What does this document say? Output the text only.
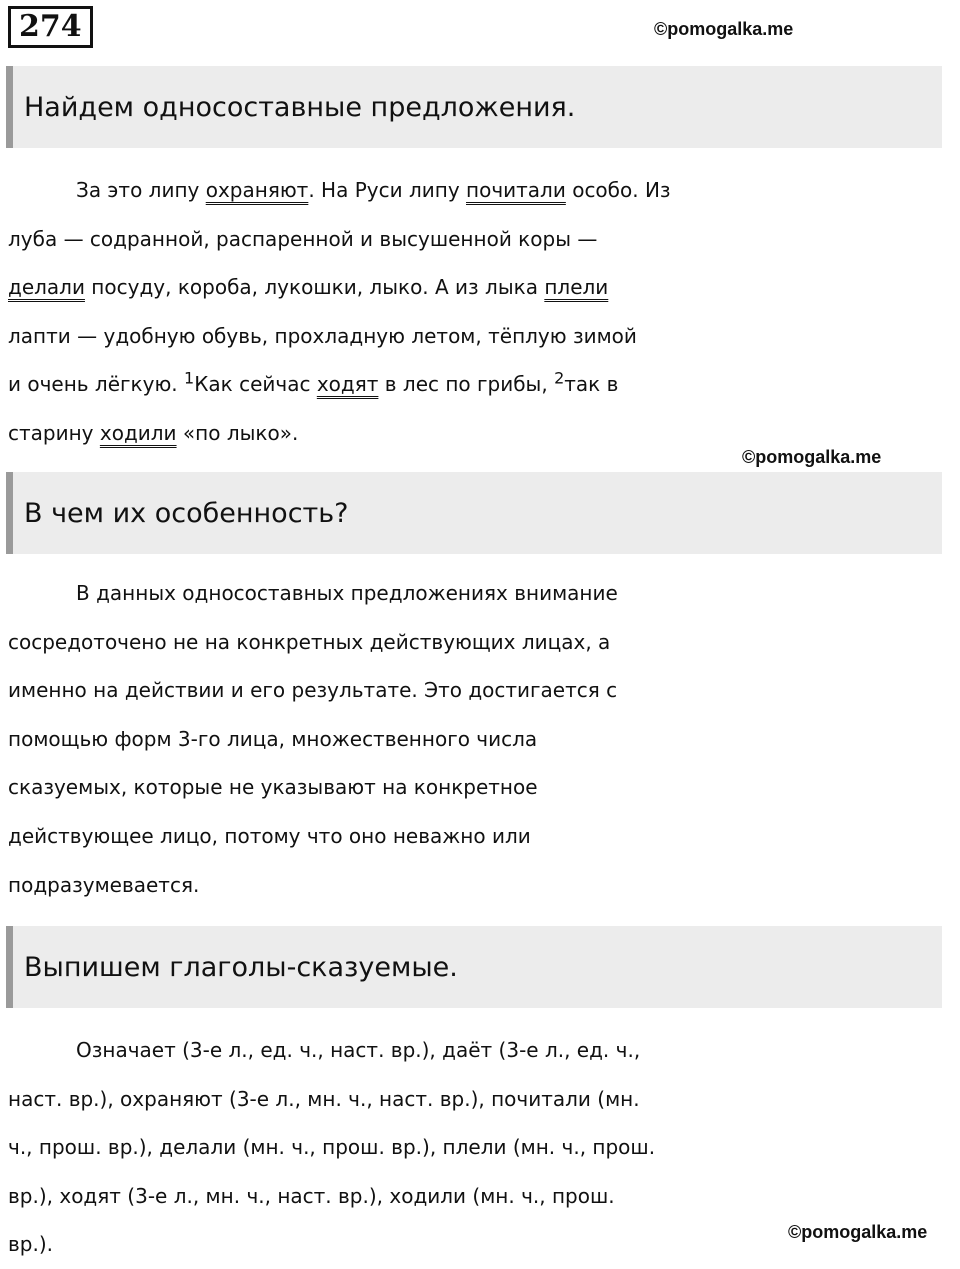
274	©pomogalka.me
Найдем односоставные предложения.
За это липу охраняют. На Руси липу почитали особо. Из
луба — содранной, распаренной и высушенной коры —
делали посуду, короба, лукошки, лыко. А из лыка плели
лапти — удобную обувь, прохладную летом, тёплую зимой
и очень лёгкую. $^1$Как сейчас ходят в лес по грибы, $^2$так в
старину ходили «по лыко».
©pomogalka.me
В чем их особенность?
В данных односоставных предложениях внимание
сосредоточено не на конкретных действующих лицах, а
именно на действии и его результате. Это достигается с
помощью форм 3-го лица, множественного числа
сказуемых, которые не указывают на конкретное
действующее лицо, потому что оно неважно или
подразумевается.
Выпишем глаголы-сказуемые.
Означает (3-е л., ед. ч., наст. вр.), даёт (3-е л., ед. ч.,
наст. вр.), охраняют (3-е л., мн. ч., наст. вр.), почитали (мн.
ч., прош. вр.), делали (мн. ч., прош. вр.), плели (мн. ч., прош.
вр.), ходят (3-е л., мн. ч., наст. вр.), ходили (мн. ч., прош.
вр.).
©pomogalka.me
